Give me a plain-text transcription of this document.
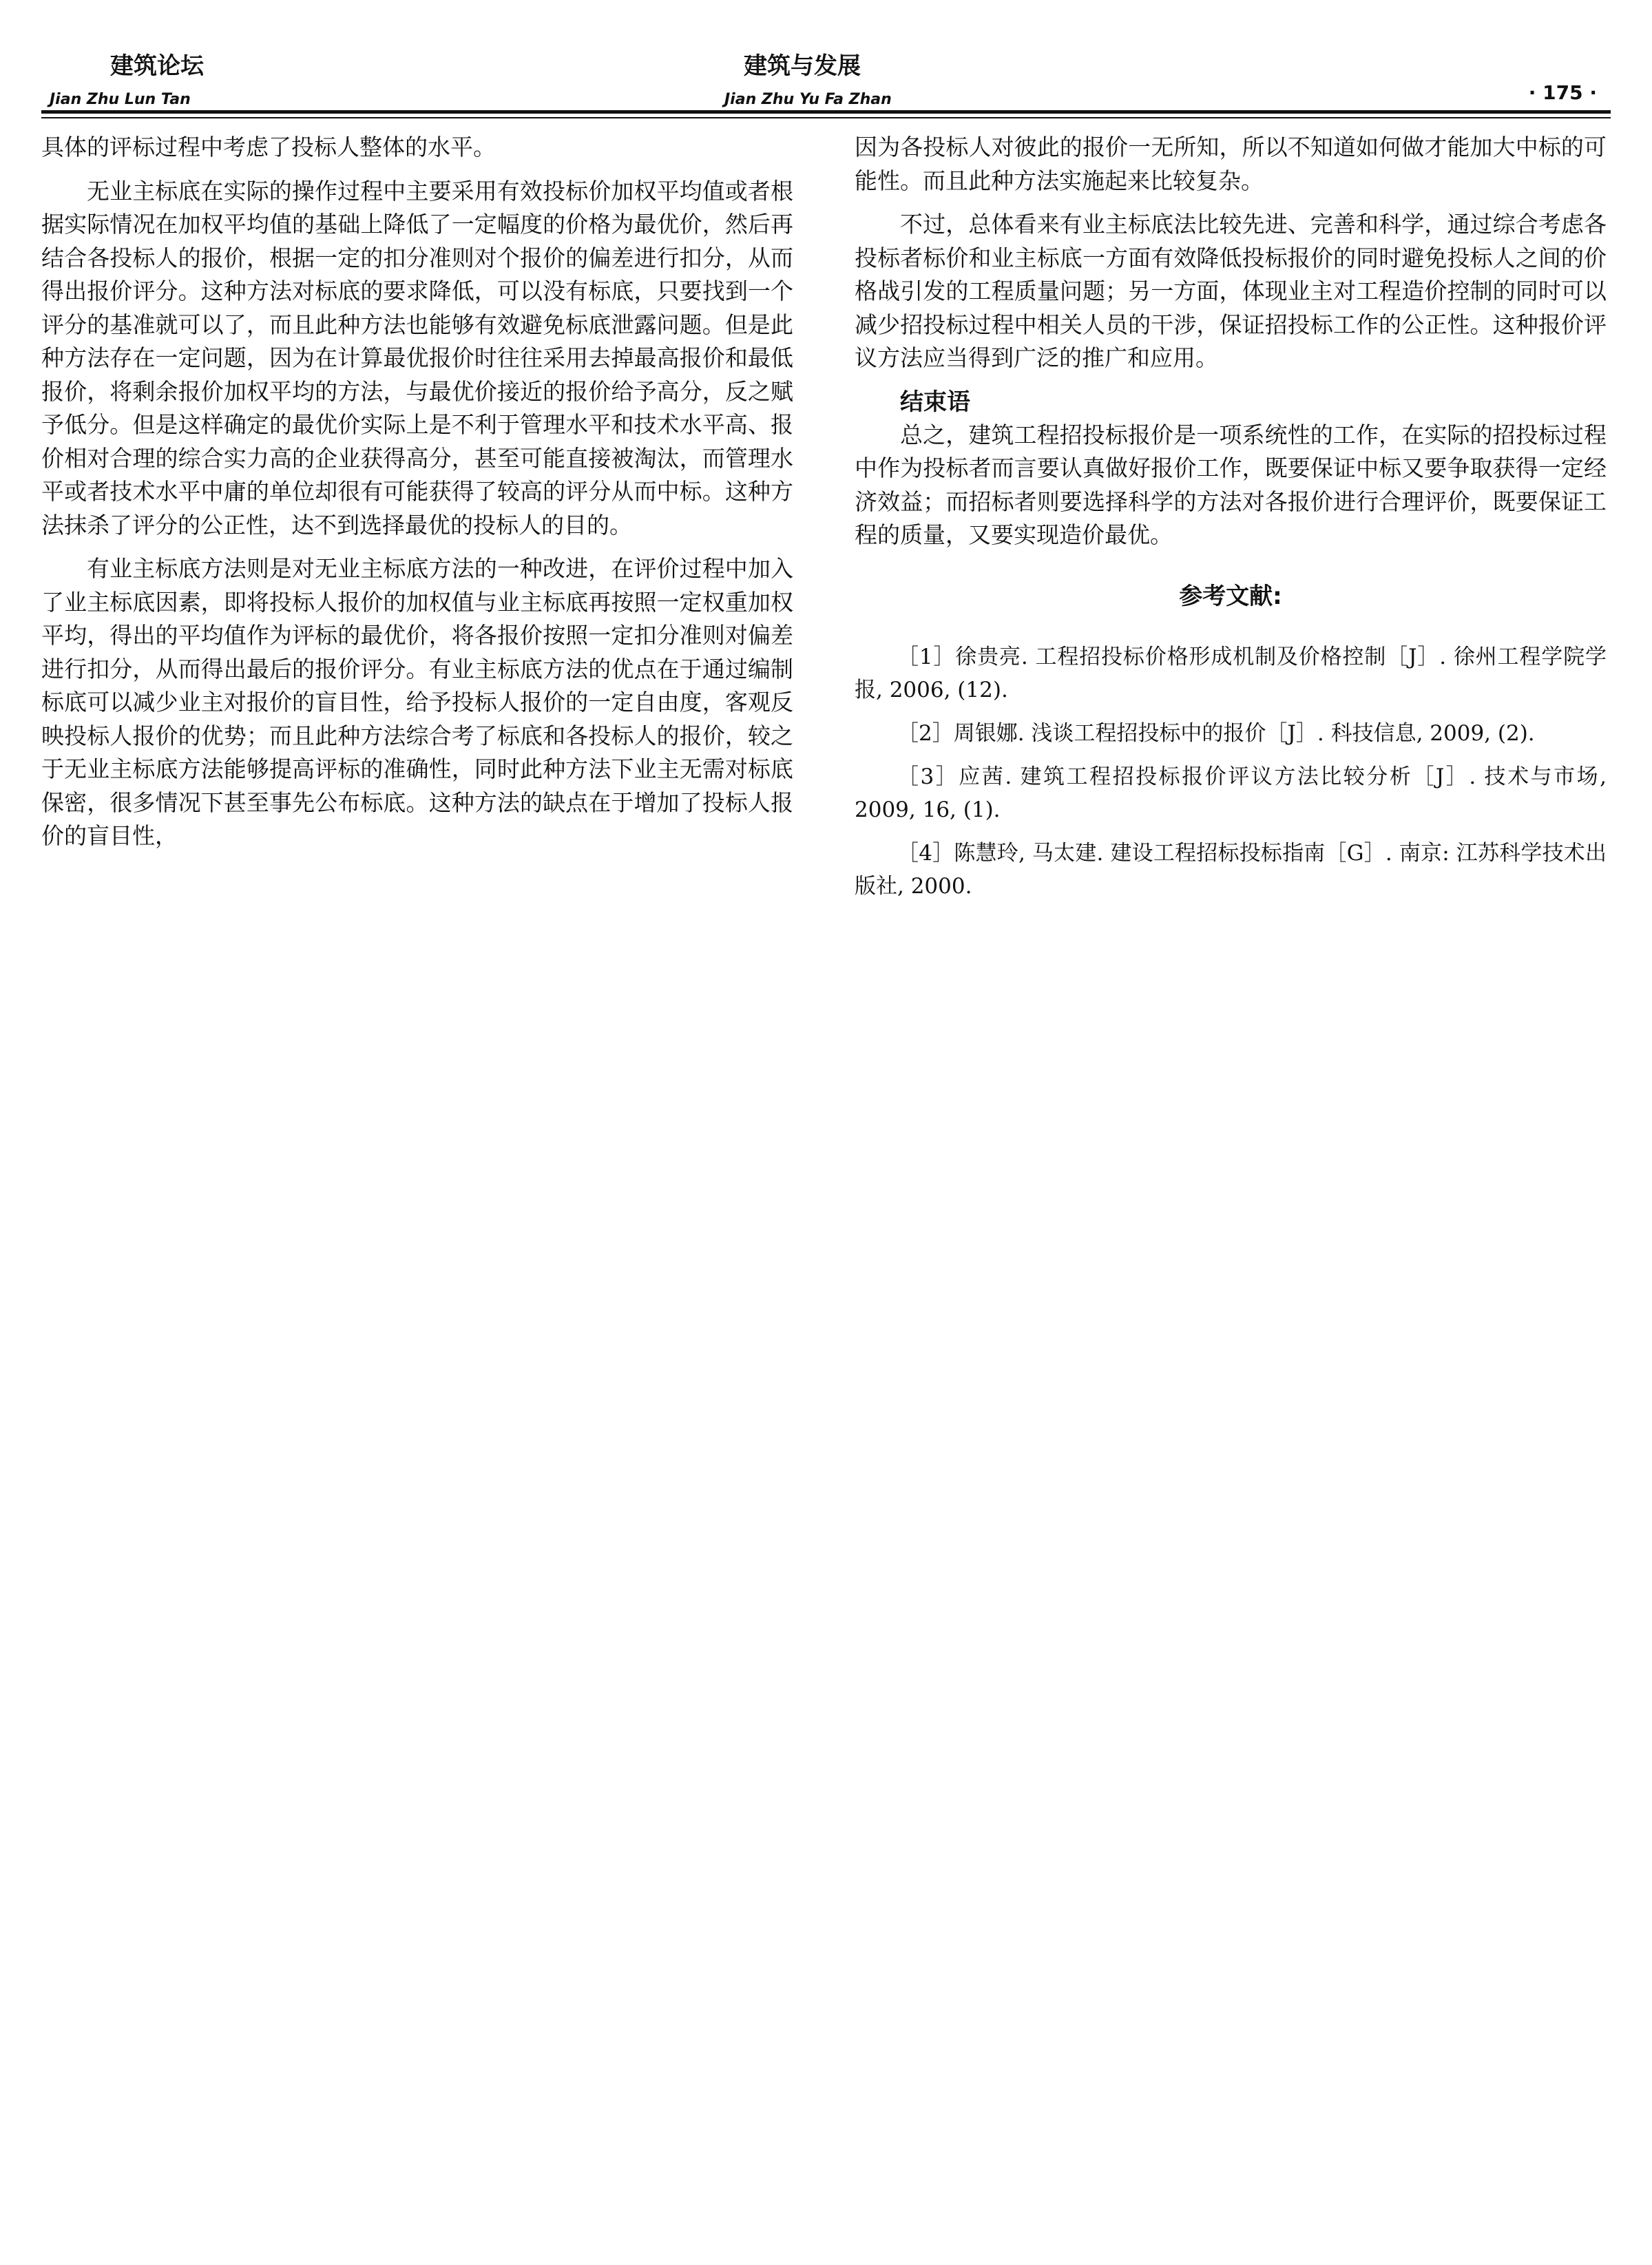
建筑论坛
Jian Zhu Lun Tan
建筑与发展
Jian Zhu Yu Fa Zhan	· 175 ·

具体的评标过程中考虑了投标人整体的水平。

无业主标底在实际的操作过程中主要采用有效投标价加权平均值或者根据实际情况在加权平均值的基础上降低了一定幅度的价格为最优价，然后再结合各投标人的报价，根据一定的扣分准则对个报价的偏差进行扣分，从而得出报价评分。这种方法对标底的要求降低，可以没有标底，只要找到一个评分的基准就可以了，而且此种方法也能够有效避免标底泄露问题。但是此种方法存在一定问题，因为在计算最优报价时往往采用去掉最高报价和最低报价，将剩余报价加权平均的方法，与最优价接近的报价给予高分，反之赋予低分。但是这样确定的最优价实际上是不利于管理水平和技术水平高、报价相对合理的综合实力高的企业获得高分，甚至可能直接被淘汰，而管理水平或者技术水平中庸的单位却很有可能获得了较高的评分从而中标。这种方法抹杀了评分的公正性，达不到选择最优的投标人的目的。

有业主标底方法则是对无业主标底方法的一种改进，在评价过程中加入了业主标底因素，即将投标人报价的加权值与业主标底再按照一定权重加权平均，得出的平均值作为评标的最优价，将各报价按照一定扣分准则对偏差进行扣分，从而得出最后的报价评分。有业主标底方法的优点在于通过编制标底可以减少业主对报价的盲目性，给予投标人报价的一定自由度，客观反映投标人报价的优势；而且此种方法综合考了标底和各投标人的报价，较之于无业主标底方法能够提高评标的准确性，同时此种方法下业主无需对标底保密，很多情况下甚至事先公布标底。这种方法的缺点在于增加了投标人报价的盲目性，

因为各投标人对彼此的报价一无所知，所以不知道如何做才能加大中标的可能性。而且此种方法实施起来比较复杂。

不过，总体看来有业主标底法比较先进、完善和科学，通过综合考虑各投标者标价和业主标底一方面有效降低投标报价的同时避免投标人之间的价格战引发的工程质量问题；另一方面，体现业主对工程造价控制的同时可以减少招投标过程中相关人员的干涉，保证招投标工作的公正性。这种报价评议方法应当得到广泛的推广和应用。

结束语

总之，建筑工程招投标报价是一项系统性的工作，在实际的招投标过程中作为投标者而言要认真做好报价工作，既要保证中标又要争取获得一定经济效益；而招标者则要选择科学的方法对各报价进行合理评价，既要保证工程的质量，又要实现造价最优。

参考文献:

［1］徐贵亮. 工程招投标价格形成机制及价格控制［J］. 徐州工程学院学报, 2006, (12).

［2］周银娜. 浅谈工程招投标中的报价［J］. 科技信息, 2009, (2).

［3］应茜. 建筑工程招投标报价评议方法比较分析［J］. 技术与市场, 2009, 16, (1).

［4］陈慧玲, 马太建. 建设工程招标投标指南［G］. 南京: 江苏科学技术出版社, 2000.
